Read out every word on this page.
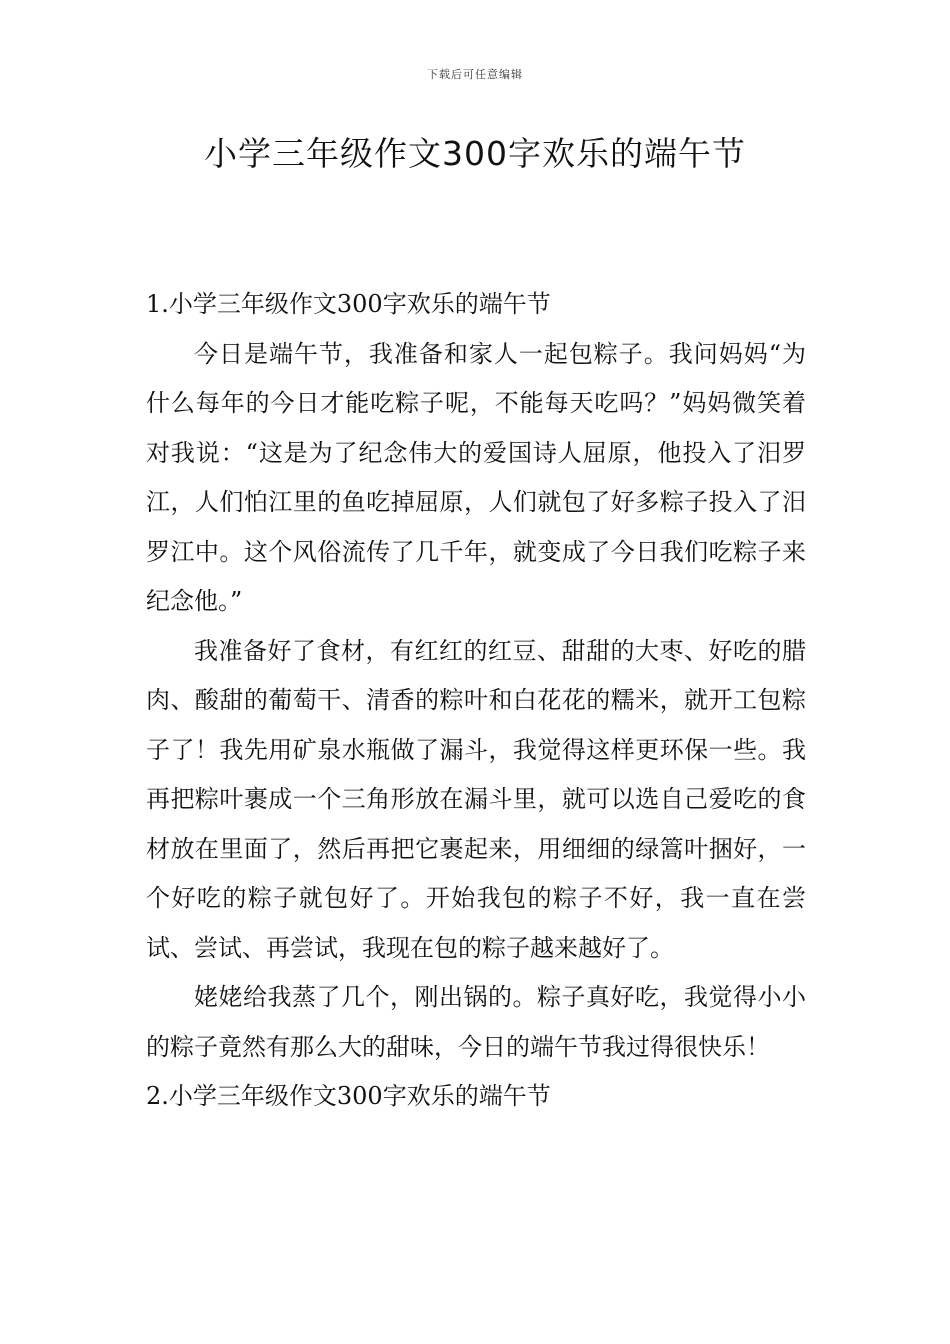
下载后可任意编辑
小学三年级作文300字欢乐的端午节
1.小学三年级作文300字欢乐的端午节

今日是端午节，我准备和家人一起包粽子。我问妈妈“为什么每年的今日才能吃粽子呢，不能每天吃吗？”妈妈微笑着对我说：“这是为了纪念伟大的爱国诗人屈原，他投入了汨罗江，人们怕江里的鱼吃掉屈原，人们就包了好多粽子投入了汨罗江中。这个风俗流传了几千年，就变成了今日我们吃粽子来纪念他。”

我准备好了食材，有红红的红豆、甜甜的大枣、好吃的腊肉、酸甜的葡萄干、清香的粽叶和白花花的糯米，就开工包粽子了！我先用矿泉水瓶做了漏斗，我觉得这样更环保一些。我再把粽叶裹成一个三角形放在漏斗里，就可以选自己爱吃的食材放在里面了，然后再把它裹起来，用细细的绿篙叶捆好，一个好吃的粽子就包好了。开始我包的粽子不好，我一直在尝试、尝试、再尝试，我现在包的粽子越来越好了。

姥姥给我蒸了几个，刚出锅的。粽子真好吃，我觉得小小的粽子竟然有那么大的甜味，今日的端午节我过得很快乐！

2.小学三年级作文300字欢乐的端午节
